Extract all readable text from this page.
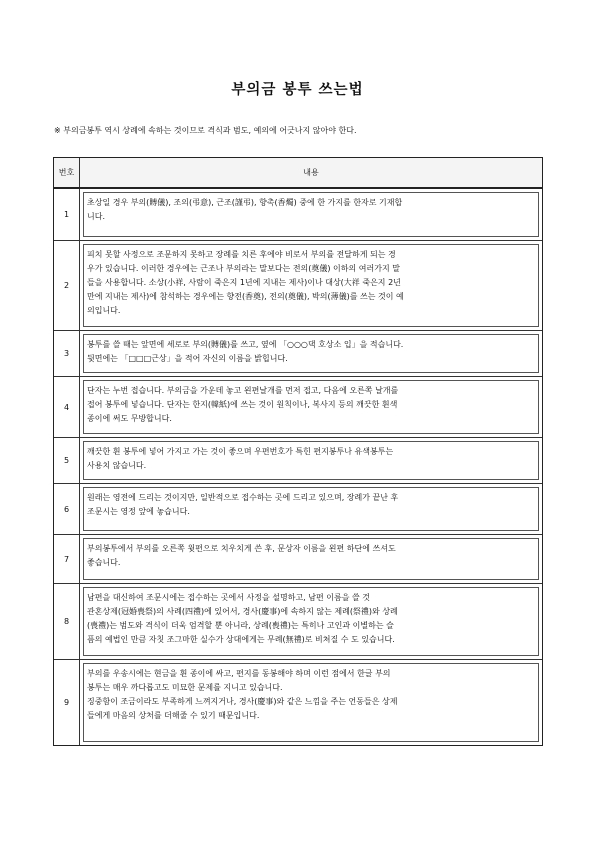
부의금 봉투 쓰는법
※ 부의금봉투 역시 상례에 속하는 것이므로 격식과 범도, 예의에 어긋나지 않아야 한다.
번호	내용
1
초상일 경우 부의(賻儀), 조의(弔意), 근조(謹弔), 향촉(香燭) 중에 한 가지를 한자로 기재합
니다.
2
피치 못할 사정으로 조문하지 못하고 장례를 치른 후에야 비로서 부의를 전달하게 되는 경
우가 있습니다. 이러한 경우에는 근조나 부의라는 말보다는 전의(奠儀) 이하의 여러가지 말
들을 사용합니다. 소상(小祥, 사람이 죽은지 1년에 지내는 제사)이나 대상(大祥 죽은지 2년
만에 지내는 제사)에 참석하는 경우에는 향전(香奠), 전의(奠儀), 박의(薄儀)를 쓰는 것이 예
의입니다.
3
봉투를 쓸 때는 앞면에 세로로 부의(賻儀)를 쓰고, 옆에 「○○○댁 호상소 입」을 적습니다.
뒷면에는 「□□□근상」을 적어 자신의 이름을 밝힙니다.
4
단자는 누번 접습니다. 부의금을 가운데 놓고 왼편날개를 먼저 접고, 다음에 오른쪽 날개를
접어 봉투에 넣습니다. 단자는 한지(韓紙)에 쓰는 것이 원칙이나, 복사지 등의 깨끗한 흰색
종이에 써도 무방합니다.
5
깨끗한 흰 봉투에 넣어 가지고 가는 것이 좋으며 우편번호가 특힌 편지봉투나 유색봉투는
사용치 않습니다.
6
원래는 영전에 드리는 것이지만, 일반적으로 접수하는 곳에 드리고 있으며, 장례가 끝난 후
조문시는 영정 앞에 놓습니다.
7
부의봉투에서 부의를 오른쪽 윗편으로 치우치게 쓴 후, 문상자 이름을 왼편 하단에 쓰셔도
좋습니다.
8
남편을 대신하여 조문시에는 접수하는 곳에서 사정을 설명하고, 남편 이름을 쓸 것
관혼상제(冠婚喪祭)의 사례(四禮)에 있어서, 경사(慶事)에 속하지 않는 제례(祭禮)와 상례
(喪禮)는 범도와 격식이 더욱 엄격할 뿐 아니라, 상례(喪禮)는 특히나 고인과 이별하는 슬
픔의 예법인 만큼 자칫 조그마한 실수가 상대에게는 무례(無禮)로 비쳐질 수 도 있습니다.
9
부의를 우송시에는 현금을 흰 종이에 싸고, 편지를 동봉해야 하며 이런 점에서 한글 부의
봉투는 매우 까다롭고도 미묘한 문제를 지니고 있습니다.
징중함이 조금이라도 부족하게 느껴지거나, 경사(慶事)와 같은 느낌을 주는 언동들은 상제
들에게 마음의 상처를 더해줄 수 있기 때문입니다.
